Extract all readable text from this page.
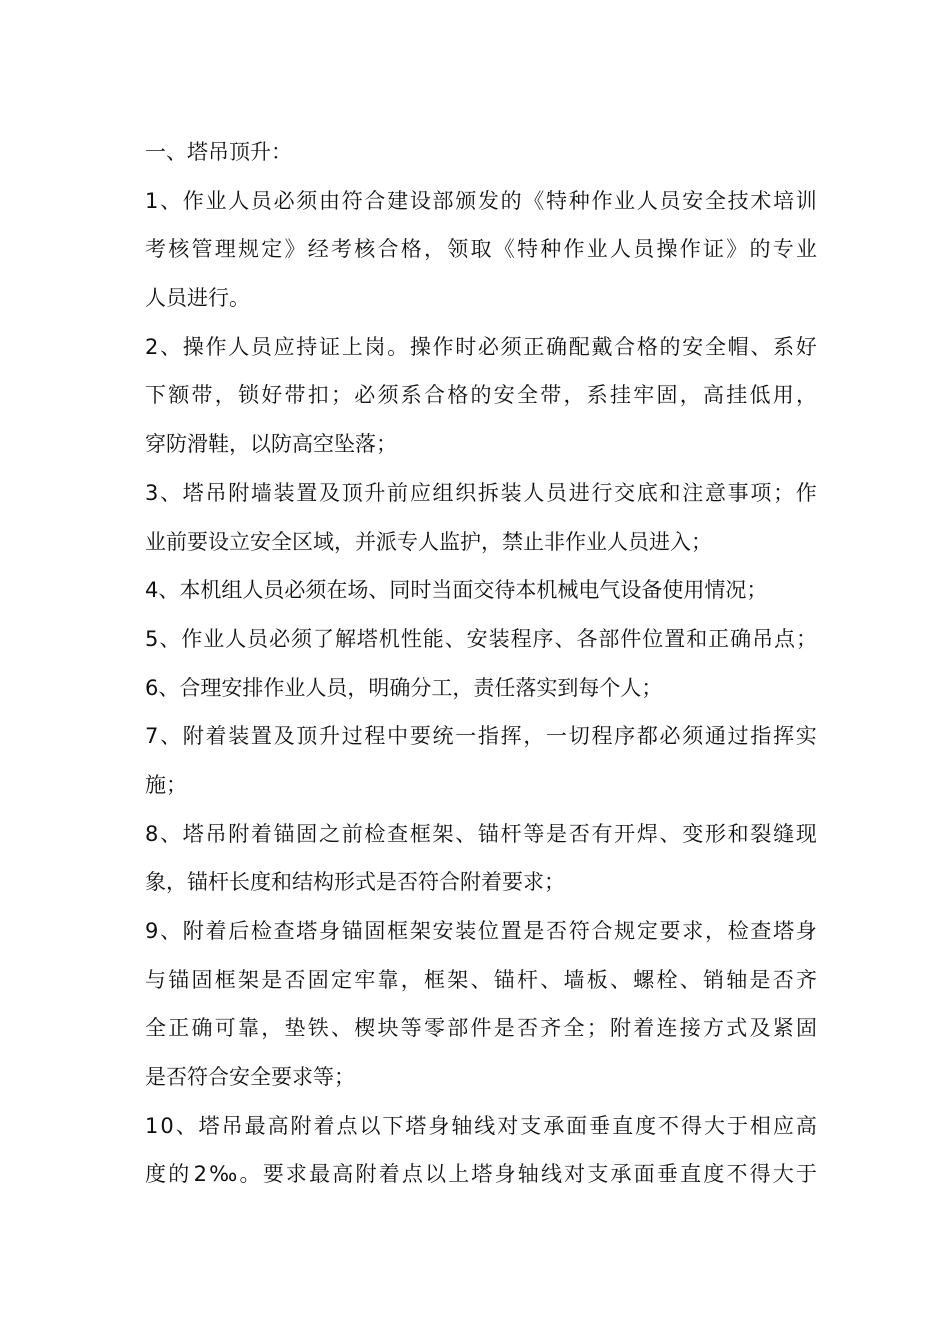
一、塔吊顶升：
1 、 作 业 人 员 必 须 由 符 合 建 设 部 颁 发 的 《 特 种 作 业 人 员 安 全 技 术 培 训
考 核 管 理 规 定 》 经 考 核 合 格 ， 领 取 《 特 种 作 业 人 员 操 作 证 》 的 专 业
人员进行。
2 、 操 作 人 员 应 持 证 上 岗 。 操 作 时 必 须 正 确 配 戴 合 格 的 安 全 帽 、 系 好
下 额 带 ， 锁 好 带 扣 ； 必 须 系 合 格 的 安 全 带 ， 系 挂 牢 固 ， 高 挂 低 用 ，
穿防滑鞋，以防高空坠落；
3 、 塔 吊 附 墙 装 置 及 顶 升 前 应 组 织 拆 装 人 员 进 行 交 底 和 注 意 事 项 ； 作
业前要设立安全区域，并派专人监护，禁止非作业人员进入；
4、本机组人员必须在场、同时当面交待本机械电气设备使用情况；
5 、 作 业 人 员 必 须 了 解 塔 机 性 能 、 安 装 程 序 、 各 部 件 位 置 和 正 确 吊 点 ；
6、合理安排作业人员，明确分工，责任落实到每个人；
7 、 附 着 装 置 及 顶 升 过 程 中 要 统 一 指 挥 ， 一 切 程 序 都 必 须 通 过 指 挥 实
施；
8 、 塔 吊 附 着 锚 固 之 前 检 查 框 架 、 锚 杆 等 是 否 有 开 焊 、 变 形 和 裂 缝 现
象，锚杆长度和结构形式是否符合附着要求；
9 、 附 着 后 检 查 塔 身 锚 固 框 架 安 装 位 置 是 否 符 合 规 定 要 求 ， 检 查 塔 身
与 锚 固 框 架 是 否 固 定 牢 靠 ， 框 架 、 锚 杆 、 墙 板 、 螺 栓 、 销 轴 是 否 齐
全 正 确 可 靠 ， 垫 铁 、 楔 块 等 零 部 件 是 否 齐 全 ； 附 着 连 接 方 式 及 紧 固
是否符合安全要求等；
1 0 、 塔 吊 最 高 附 着 点 以 下 塔 身 轴 线 对 支 承 面 垂 直 度 不 得 大 于 相 应 高
度 的 2 ‰ 。 要 求 最 高 附 着 点 以 上 塔 身 轴 线 对 支 承 面 垂 直 度 不 得 大 于
